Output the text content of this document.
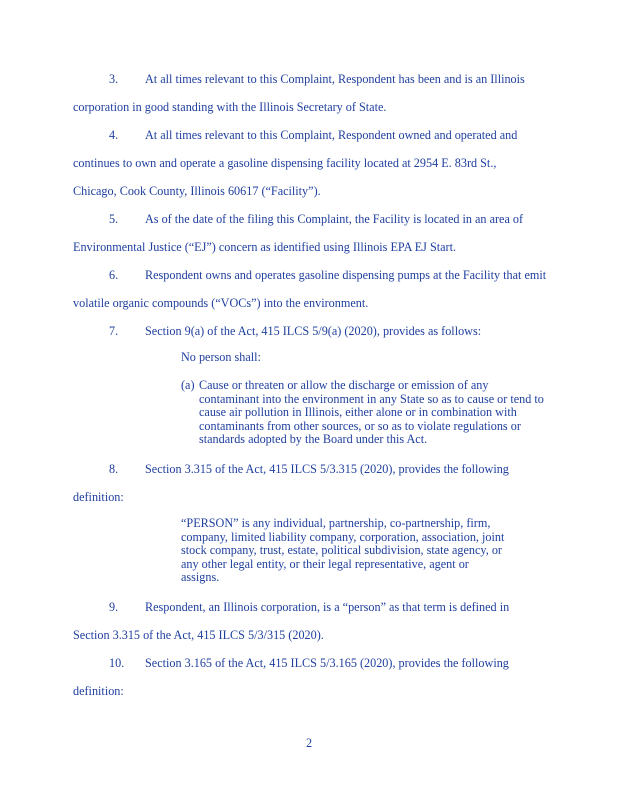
3. At all times relevant to this Complaint, Respondent has been and is an Illinois
corporation in good standing with the Illinois Secretary of State.
4. At all times relevant to this Complaint, Respondent owned and operated and
continues to own and operate a gasoline dispensing facility located at 2954 E. 83rd St.,
Chicago, Cook County, Illinois 60617 (“Facility”).
5. As of the date of the filing this Complaint, the Facility is located in an area of
Environmental Justice (“EJ”) concern as identified using Illinois EPA EJ Start.
6. Respondent owns and operates gasoline dispensing pumps at the Facility that emit
volatile organic compounds (“VOCs”) into the environment.
7. Section 9(a) of the Act, 415 ILCS 5/9(a) (2020), provides as follows:
No person shall:
(a) Cause or threaten or allow the discharge or emission of any
contaminant into the environment in any State so as to cause or tend to
cause air pollution in Illinois, either alone or in combination with
contaminants from other sources, or so as to violate regulations or
standards adopted by the Board under this Act.
8. Section 3.315 of the Act, 415 ILCS 5/3.315 (2020), provides the following
definition:
“PERSON” is any individual, partnership, co-partnership, firm,
company, limited liability company, corporation, association, joint
stock company, trust, estate, political subdivision, state agency, or
any other legal entity, or their legal representative, agent or
assigns.
9. Respondent, an Illinois corporation, is a “person” as that term is defined in
Section 3.315 of the Act, 415 ILCS 5/3/315 (2020).
10. Section 3.165 of the Act, 415 ILCS 5/3.165 (2020), provides the following
definition:
2
